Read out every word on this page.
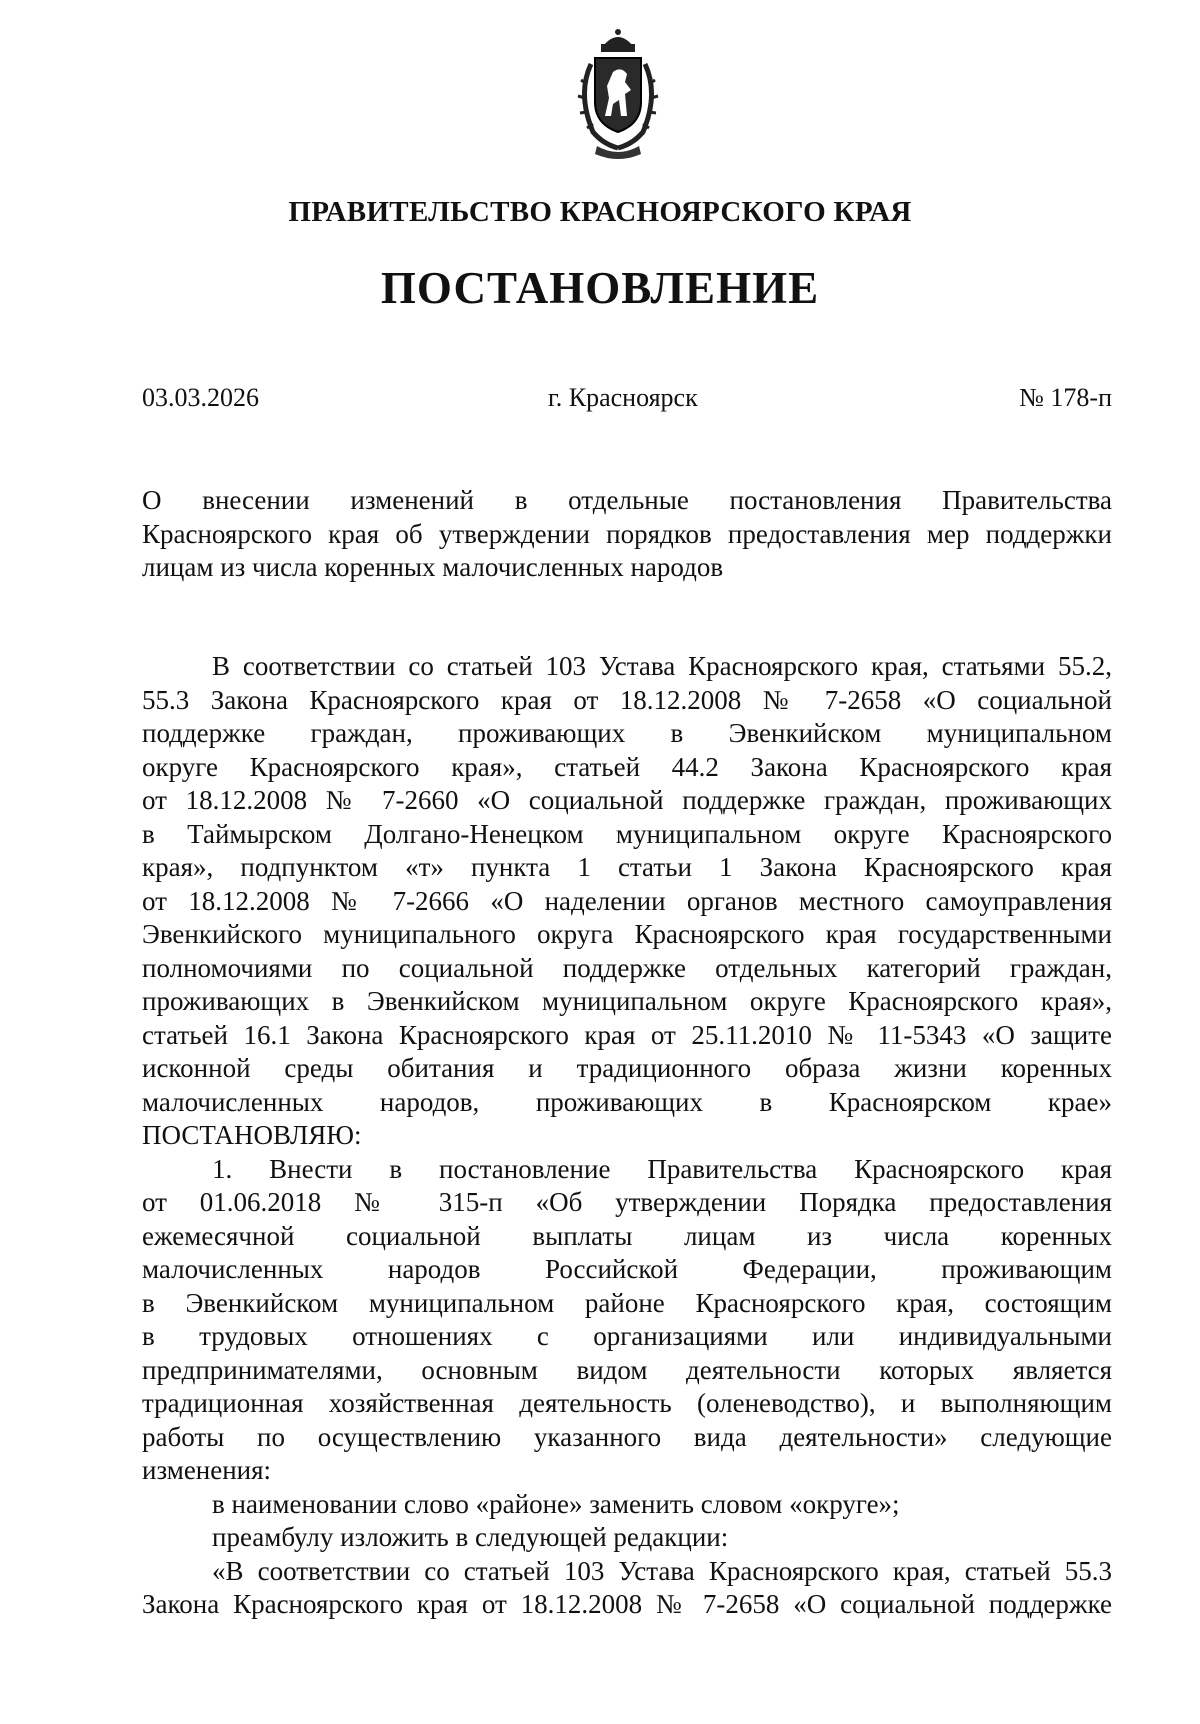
ПРАВИТЕЛЬСТВО КРАСНОЯРСКОГО КРАЯ
ПОСТАНОВЛЕНИЕ
03.03.2026	г. Красноярск	№ 178-п

О внесении изменений в отдельные постановления Правительства

Красноярского края об утверждении порядков предоставления мер поддержки

лицам из числа коренных малочисленных народов

В соответствии со статьей 103 Устава Красноярского края, статьями 55.2,

55.3 Закона Красноярского края от 18.12.2008 № 7-2658 «О социальной

поддержке граждан, проживающих в Эвенкийском муниципальном

округе Красноярского края», статьей 44.2 Закона Красноярского края

от 18.12.2008 № 7-2660 «О социальной поддержке граждан, проживающих

в Таймырском Долгано-Ненецком муниципальном округе Красноярского

края», подпунктом «т» пункта 1 статьи 1 Закона Красноярского края

от 18.12.2008 № 7-2666 «О наделении органов местного самоуправления

Эвенкийского муниципального округа Красноярского края государственными

полномочиями по социальной поддержке отдельных категорий граждан,

проживающих в Эвенкийском муниципальном округе Красноярского края»,

статьей 16.1 Закона Красноярского края от 25.11.2010 № 11-5343 «О защите

исконной среды обитания и традиционного образа жизни коренных

малочисленных народов, проживающих в Красноярском крае»

ПОСТАНОВЛЯЮ:

1. Внести в постановление Правительства Красноярского края

от 01.06.2018 № 315-п «Об утверждении Порядка предоставления

ежемесячной социальной выплаты лицам из числа коренных

малочисленных народов Российской Федерации, проживающим

в Эвенкийском муниципальном районе Красноярского края, состоящим

в трудовых отношениях с организациями или индивидуальными

предпринимателями, основным видом деятельности которых является

традиционная хозяйственная деятельность (оленеводство), и выполняющим

работы по осуществлению указанного вида деятельности» следующие

изменения:

в наименовании слово «районе» заменить словом «округе»;

преамбулу изложить в следующей редакции:

«В соответствии со статьей 103 Устава Красноярского края, статьей 55.3

Закона Красноярского края от 18.12.2008 № 7-2658 «О социальной поддержке
